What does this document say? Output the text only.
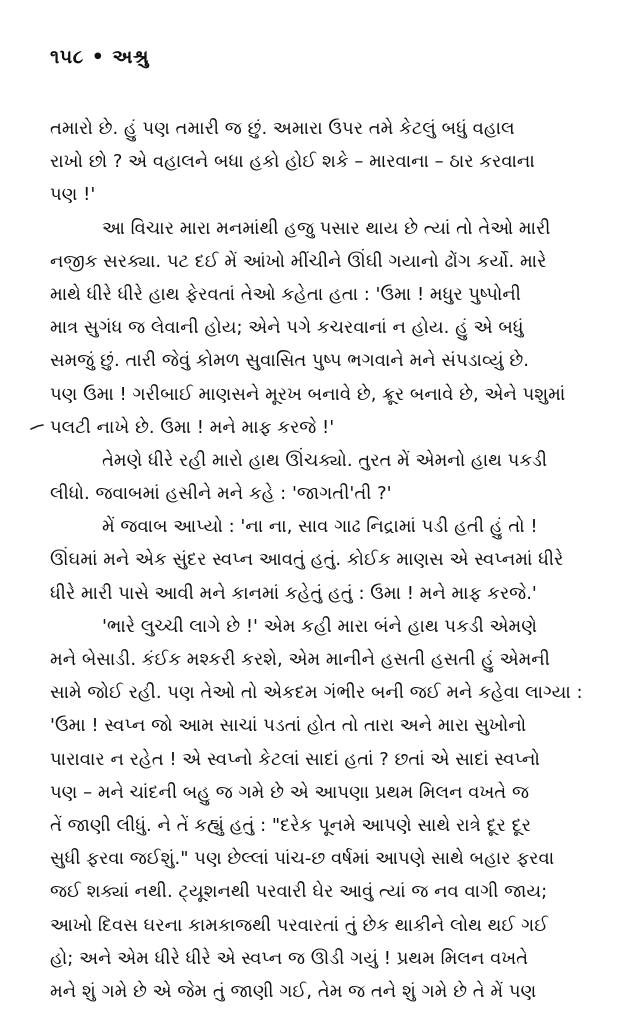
૧૫૮ • અશ્રુ
તમારો છે. હું પણ તમારી જ છું. અમારા ઉપર તમે કેટલું બધું વહાલ
રાખો છો ? એ વહાલને બધા હકો હોઈ શકે – મારવાના – ઠાર કરવાના
પણ !'
આ વિચાર મારા મનમાંથી હજુ પસાર થાય છે ત્યાં તો તેઓ મારી
નજીક સરક્યા. પટ દઈ મેં આંખો મીંચીને ઊંઘી ગયાનો ઢોંગ કર્યો. મારે
માથે ધીરે ધીરે હાથ ફેરવતાં તેઓ કહેતા હતા : 'ઉમા ! મધુર પુષ્પોની
માત્ર સુગંધ જ લેવાની હોય; એને પગે કચરવાનાં ન હોય. હું એ બધું
સમજું છું. તારી જેવું કોમળ સુવાસિત પુષ્પ ભગવાને મને સંપડાવ્યું છે.
પણ ઉમા ! ગરીબાઈ માણસને મૂરખ બનાવે છે, ક્રૂર બનાવે છે, એને પશુમાં
પલટી નાખે છે. ઉમા ! મને માફ કરજે !'
તેમણે ધીરે રહી મારો હાથ ઊંચક્યો. તુરત મેં એમનો હાથ પકડી
લીધો. જવાબમાં હસીને મને કહે : 'જાગતી'તી ?'
મેં જવાબ આપ્યો : 'ના ના, સાવ ગાઢ નિદ્રામાં પડી હતી હું તો !
ઊંઘમાં મને એક સુંદર સ્વપ્ન આવતું હતું. કોઈક માણસ એ સ્વપ્નમાં ધીરે
ધીરે મારી પાસે આવી મને કાનમાં કહેતું હતું : ઉમા ! મને માફ કરજે.'
'ભારે લુચ્ચી લાગે છે !' એમ કહી મારા બંને હાથ પકડી એમણે
મને બેસાડી. કંઈક મશ્કરી કરશે, એમ માનીને હસતી હસતી હું એમની
સામે જોઈ રહી. પણ તેઓ તો એકદમ ગંભીર બની જઈ મને કહેવા લાગ્યા :
'ઉમા ! સ્વપ્ન જો આમ સાચાં પડતાં હોત તો તારા અને મારા સુખોનો
પારાવાર ન રહેત ! એ સ્વપ્નો કેટલાં સાદાં હતાં ? છતાં એ સાદાં સ્વપ્નો
પણ – મને ચાંદની બહુ જ ગમે છે એ આપણા પ્રથમ મિલન વખતે જ
તેં જાણી લીધું. ને તેં કહ્યું હતું : "દરેક પૂનમે આપણે સાથે રાત્રે દૂર દૂર
સુધી ફરવા જઈશું." પણ છેલ્લાં પાંચ-છ વર્ષમાં આપણે સાથે બહાર ફરવા
જઈ શક્યાં નથી. ટ્યૂશનથી પરવારી ઘેર આવું ત્યાં જ નવ વાગી જાય;
આખો દિવસ ઘરના કામકાજથી પરવારતાં તું છેક થાકીને લોથ થઈ ગઈ
હો; અને એમ ધીરે ધીરે એ સ્વપ્ન જ ઊડી ગયું ! પ્રથમ મિલન વખતે
મને શું ગમે છે એ જેમ તું જાણી ગઈ, તેમ જ તને શું ગમે છે તે મેં પણ
